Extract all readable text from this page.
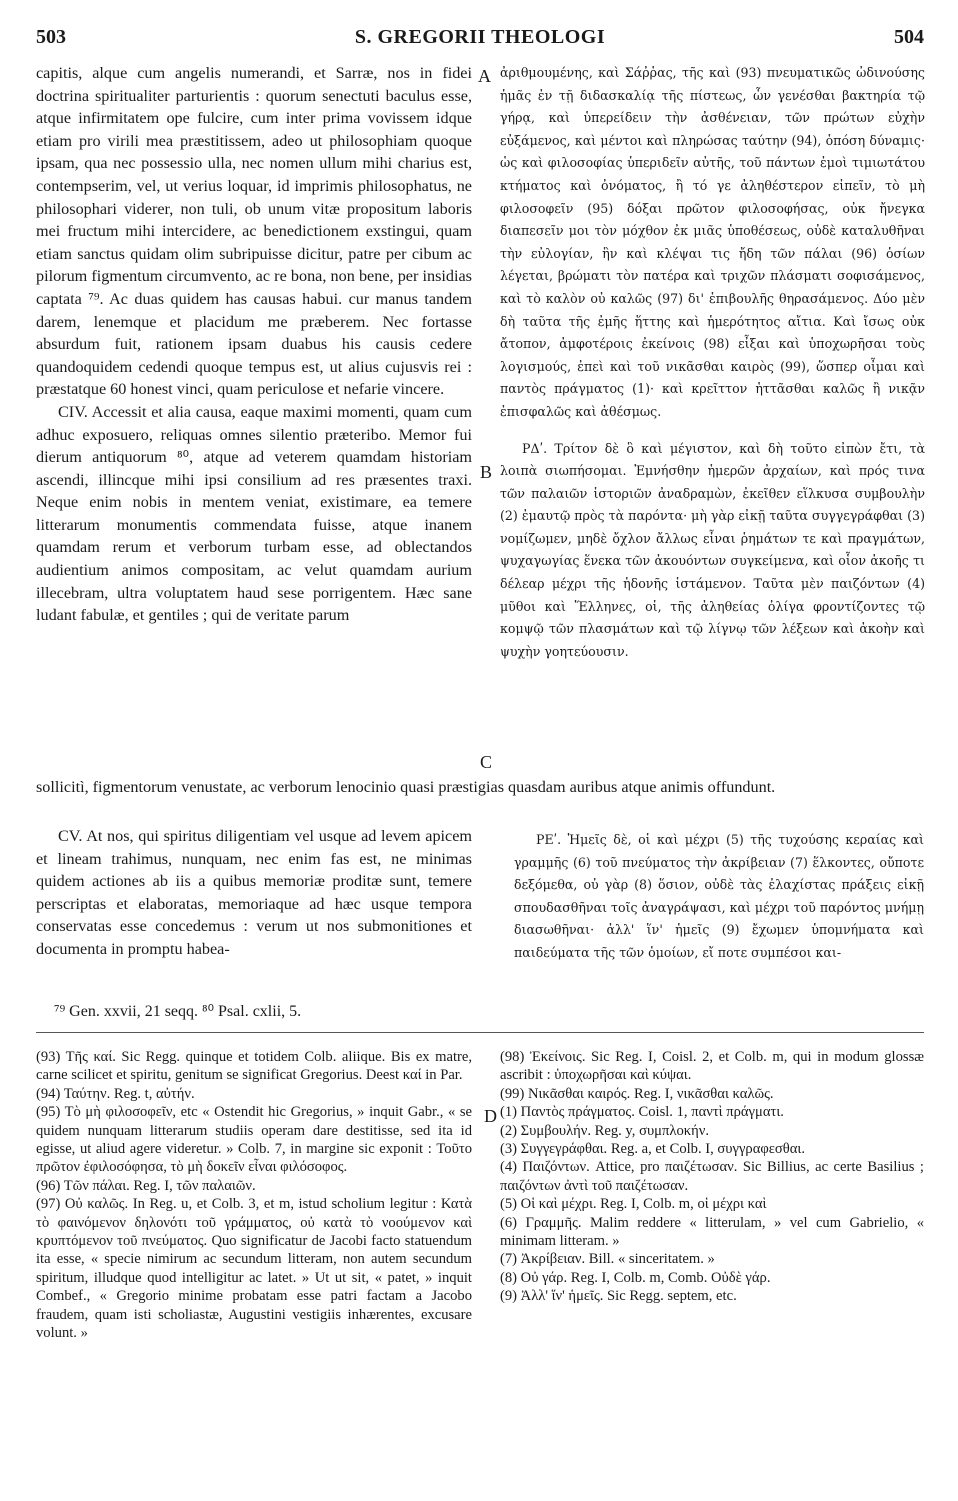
503	S. GREGORII THEOLOGI	504
A
B
C
D

capitis, alque cum angelis numerandi, et Sarræ, nos in fidei doctrina spiritualiter parturientis : quorum senectuti baculus esse, atque infirmitatem ope fulcire, cum inter prima vovissem idque etiam pro virili mea præstitissem, adeo ut philosophiam quoque ipsam, qua nec possessio ulla, nec nomen ullum mihi charius est, contempserim, vel, ut verius loquar, id imprimis philosophatus, ne philosophari viderer, non tuli, ob unum vitæ propositum laboris mei fructum mihi intercidere, ac benedictionem exstingui, quam etiam sanctus quidam olim subripuisse dicitur, patre per cibum ac pilorum figmentum circumvento, ac re bona, non bene, per insidias captata ⁷⁹. Ac duas quidem has causas habui. cur manus tandem darem, lenemque et placidum me præberem. Nec fortasse absurdum fuit, rationem ipsam duabus his causis cedere quandoquidem cedendi quoque tempus est, ut alius cujusvis rei : præstatque 60 honest vinci, quam periculose et nefarie vincere.

CIV. Accessit et alia causa, eaque maximi momenti, quam cum adhuc exposuero, reliquas omnes silentio præteribo. Memor fui dierum antiquorum ⁸⁰, atque ad veterem quamdam historiam ascendi, illincque mihi ipsi consilium ad res præsentes traxi. Neque enim nobis in mentem veniat, existimare, ea temere litterarum monumentis commendata fuisse, atque inanem quamdam rerum et verborum turbam esse, ad oblectandos audientium animos compositam, ac velut quamdam aurium illecebram, ultra voluptatem haud sese porrigentem. Hæc sane ludant fabulæ, et gentiles ; qui de veritate parum

ἀριθμουμένης, καὶ Σάῤῥας, τῆς καὶ (93) πνευματικῶς ὠδινούσης ἡμᾶς ἐν τῇ διδασκαλίᾳ τῆς πίστεως, ὧν γενέσθαι βακτηρία τῷ γήρᾳ, καὶ ὑπερείδειν τὴν ἀσθένειαν, τῶν πρώτων εὐχὴν εὐξάμενος, καὶ μέντοι καὶ πληρώσας ταύτην (94), ὁπόση δύναμις· ὡς καὶ φιλοσοφίας ὑπεριδεῖν αὐτῆς, τοῦ πάντων ἐμοὶ τιμιωτάτου κτήματος καὶ ὀνόματος, ἢ τό γε ἀληθέστερον εἰπεῖν, τὸ μὴ φιλοσοφεῖν (95) δόξαι πρῶτον φιλοσοφήσας, οὐκ ἤνεγκα διαπεσεῖν μοι τὸν μόχθον ἐκ μιᾶς ὑποθέσεως, οὐδὲ καταλυθῆναι τὴν εὐλογίαν, ἣν καὶ κλέψαι τις ἤδη τῶν πάλαι (96) ὁσίων λέγεται, βρώματι τὸν πατέρα καὶ τριχῶν πλάσματι σοφισάμενος, καὶ τὸ καλὸν οὐ καλῶς (97) δι' ἐπιβουλῆς θηρασάμενος. Δύο μὲν δὴ ταῦτα τῆς ἐμῆς ἥττης καὶ ἡμερότητος αἴτια. Καὶ ἴσως οὐκ ἄτοπον, ἀμφοτέροις ἐκείνοις (98) εἶξαι καὶ ὑποχωρῆσαι τοὺς λογισμούς, ἐπεὶ καὶ τοῦ νικᾶσθαι καιρὸς (99), ὥσπερ οἶμαι καὶ παντὸς πράγματος (1)· καὶ κρεῖττον ἡττᾶσθαι καλῶς ἢ νικᾷν ἐπισφαλῶς καὶ ἀθέσμως.

ΡΔʹ. Τρίτον δὲ ὃ καὶ μέγιστον, καὶ δὴ τοῦτο εἰπὼν ἔτι, τὰ λοιπὰ σιωπήσομαι. Ἐμνήσθην ἡμερῶν ἀρχαίων, καὶ πρός τινα τῶν παλαιῶν ἱστοριῶν ἀναδραμὼν, ἐκεῖθεν εἵλκυσα συμβουλὴν (2) ἐμαυτῷ πρὸς τὰ παρόντα· μὴ γὰρ εἰκῇ ταῦτα συγγεγράφθαι (3) νομίζωμεν, μηδὲ ὄχλον ἄλλως εἶναι ῥημάτων τε καὶ πραγμάτων, ψυχαγωγίας ἕνεκα τῶν ἀκουόντων συγκείμενα, καὶ οἷον ἀκοῆς τι δέλεαρ μέχρι τῆς ἡδονῆς ἱστάμενον. Ταῦτα μὲν παιζόντων (4) μῦθοι καὶ Ἕλληνες, οἱ, τῆς ἀληθείας ὀλίγα φροντίζοντες τῷ κομψῷ τῶν πλασμάτων καὶ τῷ λίγνῳ τῶν λέξεων καὶ ἀκοὴν καὶ ψυχὴν γοητεύουσιν.

sollicitì, figmentorum venustate, ac verborum lenocinio quasi præstigias quasdam auribus atque animis offundunt.

CV. At nos, qui spiritus diligentiam vel usque ad levem apicem et lineam trahimus, nunquam, nec enim fas est, ne minimas quidem actiones ab iis a quibus memoriæ proditæ sunt, temere perscriptas et elaboratas, memoriaque ad hæc usque tempora conservatas esse concedemus : verum ut nos submonitiones et documenta in promptu habea-

ΡΕʹ. Ἡμεῖς δὲ, οἱ καὶ μέχρι (5) τῆς τυχούσης κεραίας καὶ γραμμῆς (6) τοῦ πνεύματος τὴν ἀκρίβειαν (7) ἕλκοντες, οὔποτε δεξόμεθα, οὐ γὰρ (8) ὅσιον, οὐδὲ τὰς ἐλαχίστας πράξεις εἰκῇ σπουδασθῆναι τοῖς ἀναγράψασι, καὶ μέχρι τοῦ παρόντος μνήμῃ διασωθῆναι· ἀλλ' ἵν' ἡμεῖς (9) ἔχωμεν ὑπομνήματα καὶ παιδεύματα τῆς τῶν ὁμοίων, εἴ ποτε συμπέσοι και-

⁷⁹ Gen. xxvii, 21 seqq. ⁸⁰ Psal. cxlii, 5.

(93) Τῆς καί. Sic Regg. quinque et totidem Colb. aliique. Bis ex matre, carne scilicet et spiritu, genitum se significat Gregorius. Deest καί in Par.

(94) Ταύτην. Reg. t, αὐτήν.

(95) Τὸ μὴ φιλοσοφεῖν, etc « Ostendit hic Gregorius, » inquit Gabr., « se quidem nunquam litterarum studiis operam dare destitisse, sed ita id egisse, ut aliud agere videretur. » Colb. 7, in margine sic exponit : Τοῦτο πρῶτον ἐφιλοσόφησα, τὸ μὴ δοκεῖν εἶναι φιλόσοφος.

(96) Τῶν πάλαι. Reg. I, τῶν παλαιῶν.

(97) Οὐ καλῶς. In Reg. u, et Colb. 3, et m, istud scholium legitur : Κατὰ τὸ φαινόμενον δηλονότι τοῦ γράμματος, οὐ κατὰ τὸ νοούμενον καὶ κρυπτόμενον τοῦ πνεύματος. Quo significatur de Jacobi facto statuendum ita esse, « specie nimirum ac secundum litteram, non autem secundum spiritum, illudque quod intelligitur ac latet. » Ut ut sit, « patet, » inquit Combef., « Gregorio minime probatam esse patri factam a Jacobo fraudem, quam isti scholiastæ, Augustini vestigiis inhærentes, excusare volunt. »

(98) Ἐκείνοις. Sic Reg. I, Coisl. 2, et Colb. m, qui in modum glossæ ascribit : ὑποχωρῆσαι καὶ κύψαι.

(99) Νικᾶσθαι καιρός. Reg. I, νικᾶσθαι καλῶς.

(1) Παντὸς πράγματος. Coisl. 1, παντὶ πράγματι.

(2) Συμβουλήν. Reg. y, συμπλοκήν.

(3) Συγγεγράφθαι. Reg. a, et Colb. I, συγγραφεσθαι.

(4) Παιζόντων. Attice, pro παιζέτωσαν. Sic Billius, ac certe Basilius ; παιζόντων ἀντὶ τοῦ παιζέτωσαν.

(5) Οἱ καὶ μέχρι. Reg. I, Colb. m, οἱ μέχρι καὶ

(6) Γραμμῆς. Malim reddere « litterulam, » vel cum Gabrielio, « minimam litteram. »

(7) Ἀκρίβειαν. Bill. « sinceritatem. »

(8) Οὐ γάρ. Reg. I, Colb. m, Comb. Οὐδὲ γάρ.

(9) Ἀλλ' ἵν' ἡμεῖς. Sic Regg. septem, etc.
